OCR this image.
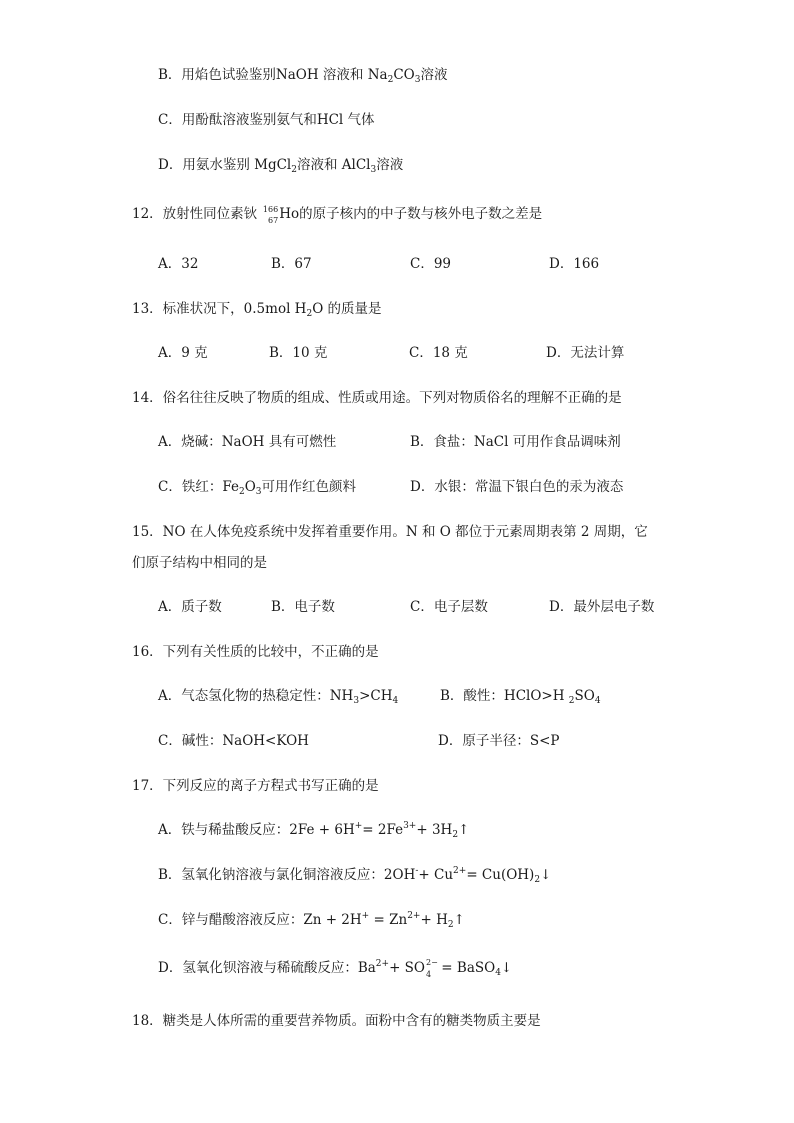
B．用焰色试验鉴别NaOH 溶液和 $Na_2CO_3$溶液
C．用酚酞溶液鉴别氨气和HCl 气体
D．用氨水鉴别 MgCl$_2$溶液和 AlCl$_3$溶液
12．放射性同位素钬 166
67 Ho的原子核内的中子数与核外电子数之差是
A．32	B．67	C．99	D．166
13．标准状况下，0.5mol $H_2O$ 的质量是
A．9 克	B．10 克	C．18 克	D．无法计算
14．俗名往往反映了物质的组成、性质或用途。下列对物质俗名的理解不正确的是
A．烧碱：NaOH 具有可燃性	B．食盐：NaCl 可用作食品调味剂
C．铁红：$Fe_2O_3$可用作红色颜料	D．水银：常温下银白色的汞为液态
15．NO 在人体免疫系统中发挥着重要作用。N 和 O 都位于元素周期表第 2 周期，它
们原子结构中相同的是
A．质子数	B．电子数	C．电子层数	D．最外层电子数
16．下列有关性质的比较中，不正确的是
A．气态氢化物的热稳定性：$NH_3>CH_4$	B．酸性：HClO>H $_2SO_4$
C．碱性：NaOH<KOH	D．原子半径：S<P
17．下列反应的离子方程式书写正确的是
A．铁与稀盐酸反应：$2Fe + 6H^+= 2Fe^{3+}+$ $3H_2↑$
B．氢氧化钠溶液与氯化铜溶液反应：$2OH^-+ Cu^{2+}=$ $Cu(OH)_2↓$
C．锌与醋酸溶液反应：$Zn + 2H^+ = Zn^{2+}+$ $H_2↑$
D．氢氧化钡溶液与稀硫酸反应：$Ba^{2+}+$ SO 2−
4 = BaSO$_4$↓
18．糖类是人体所需的重要营养物质。面粉中含有的糖类物质主要是
